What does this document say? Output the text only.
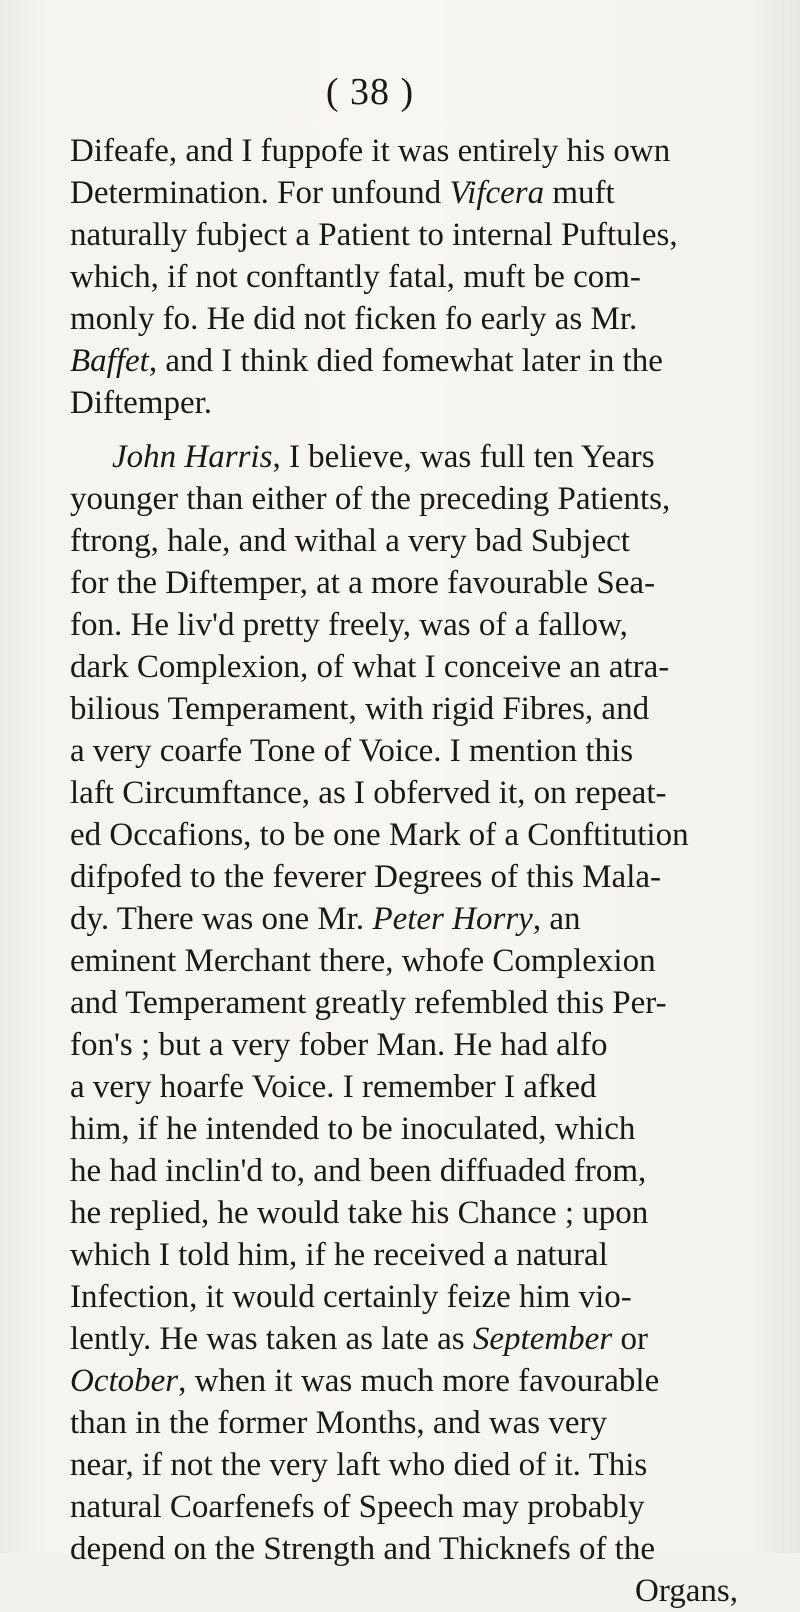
( 38 )
Difeafe, and I fuppofe it was entirely his own
Determination. For unfound Vifcera muft
naturally fubject a Patient to internal Puftules,
which, if not conftantly fatal, muft be com-
monly fo. He did not ficken fo early as Mr.
Baffet, and I think died fomewhat later in the
Diftemper.
John Harris, I believe, was full ten Years
younger than either of the preceding Patients,
ftrong, hale, and withal a very bad Subject
for the Diftemper, at a more favourable Sea-
fon. He liv'd pretty freely, was of a fallow,
dark Complexion, of what I conceive an atra-
bilious Temperament, with rigid Fibres, and
a very coarfe Tone of Voice. I mention this
laft Circumftance, as I obferved it, on repeat-
ed Occafions, to be one Mark of a Conftitution
difpofed to the feverer Degrees of this Mala-
dy. There was one Mr. Peter Horry, an
eminent Merchant there, whofe Complexion
and Temperament greatly refembled this Per-
fon's ; but a very fober Man. He had alfo
a very hoarfe Voice. I remember I afked
him, if he intended to be inoculated, which
he had inclin'd to, and been diffuaded from,
he replied, he would take his Chance ; upon
which I told him, if he received a natural
Infection, it would certainly feize him vio-
lently. He was taken as late as September or
October, when it was much more favourable
than in the former Months, and was very
near, if not the very laft who died of it. This
natural Coarfenefs of Speech may probably
depend on the Strength and Thicknefs of the
Organs,
